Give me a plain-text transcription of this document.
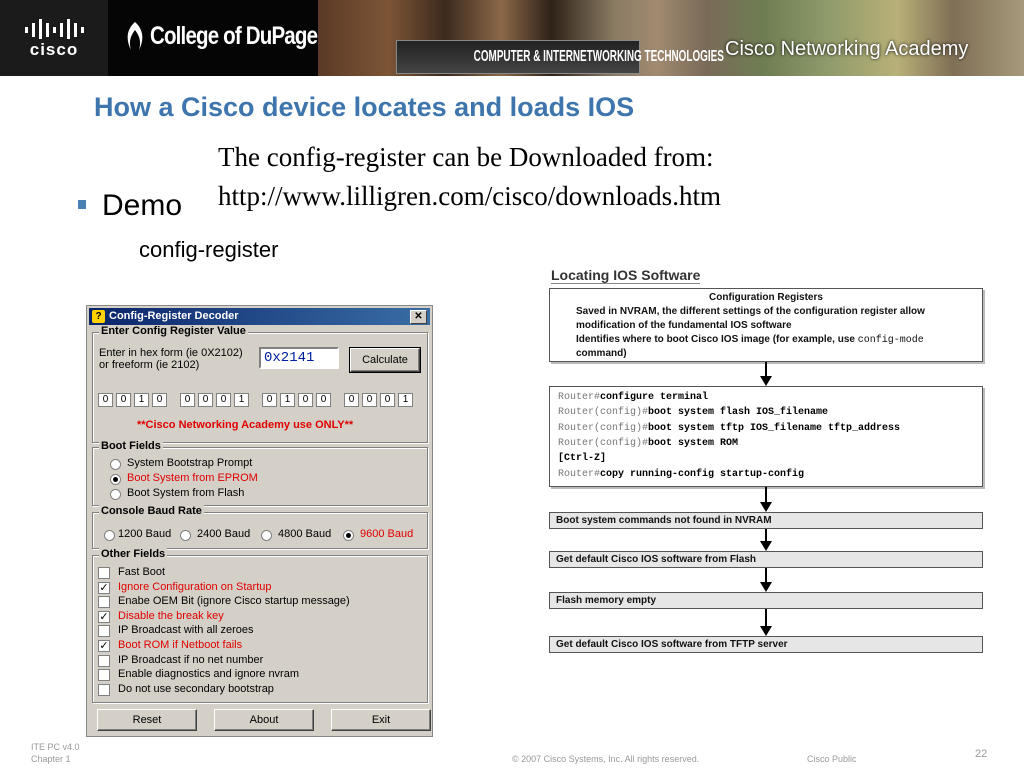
cisco	College of DuPage
COMPUTER & INTERNETWORKING TECHNOLOGIES Cisco Networking Academy
How a Cisco device locates and loads IOS
The config-register can be Downloaded from:
http://www.lilligren.com/cisco/downloads.htm
Demo
config-register
? Config-Register Decoder	✕
Enter Config Register Value
Enter in hex form (ie 0X2102)
or freeform (ie 2102)	0x2141	Calculate
0	0	1	0	0	0	0	1	0	1	0	0	0	0	0	1
**Cisco Networking Academy use ONLY**
Boot Fields
System Bootstrap Prompt
Boot System from EPROM
Boot System from Flash
Console Baud Rate
1200 Baud 2400 Baud	4800 Baud	9600 Baud
Other Fields
Fast Boot
✓ Ignore Configuration on Startup
Enabe OEM Bit (ignore Cisco startup message)
✓ Disable the break key
IP Broadcast with all zeroes
✓ Boot ROM if Netboot fails
IP Broadcast if no net number
Enable diagnostics and ignore nvram
Do not use secondary bootstrap
Reset	About	Exit
Locating IOS Software
Configuration Registers
Saved in NVRAM, the different settings of the configuration register allow
modification of the fundamental IOS software
Identifies where to boot Cisco IOS image (for example, use config-mode
command)
Router#configure terminal
Router(config)#boot system flash IOS_filename
Router(config)#boot system tftp IOS_filename tftp_address
Router(config)#boot system ROM
[Ctrl-Z]
Router#copy running-config startup-config
Boot system commands not found in NVRAM
Get default Cisco IOS software from Flash
Flash memory empty
Get default Cisco IOS software from TFTP server
ITE PC v4.0
Chapter 1	© 2007 Cisco Systems, Inc. All rights reserved.	Cisco Public	22
